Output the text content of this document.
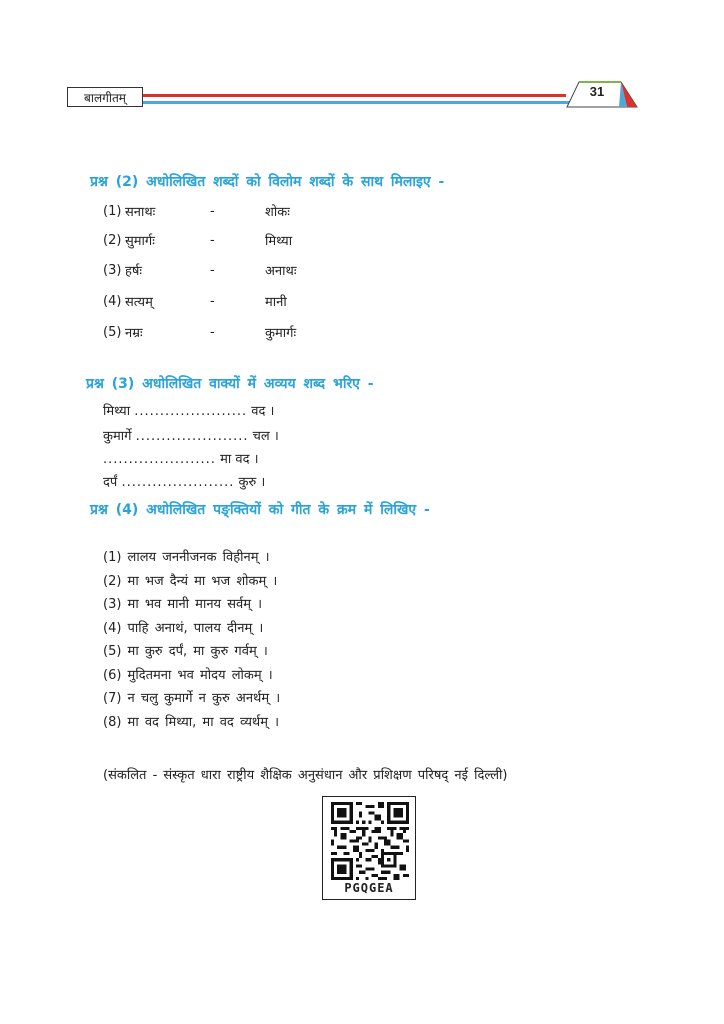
बालगीतम्	31
प्रश्न (2) अधोलिखित शब्दों को विलोम शब्दों के साथ मिलाइए -
(1) सनाथः	-	शोकः
(2) सुमार्गः	-	मिथ्या
(3) हर्षः	-	अनाथः
(4) सत्यम्	-	मानी
(5) नम्रः	-	कुमार्गः
प्रश्न (3) अधोलिखित वाक्यों में अव्यय शब्द भरिए -
मिथ्या ...................... वद ।
कुमार्गे ...................... चल ।
...................... मा वद ।
दर्पं ...................... कुरु ।
प्रश्न (4) अधोलिखित पङ्क्तियों को गीत के क्रम में लिखिए -
(1) लालय जननीजनक विहीनम् ।
(2) मा भज दैन्यं मा भज शोकम् ।
(3) मा भव मानी मानय सर्वम् ।
(4) पाहि अनाथं, पालय दीनम् ।
(5) मा कुरु दर्पं, मा कुरु गर्वम् ।
(6) मुदितमना भव मोदय लोकम् ।
(7) न चलु कुमार्गे न कुरु अनर्थम् ।
(8) मा वद मिथ्या, मा वद व्यर्थम् ।
(संकलित - संस्कृत धारा राष्ट्रीय शैक्षिक अनुसंधान और प्रशिक्षण परिषद् नई दिल्ली)
PGQGEA
